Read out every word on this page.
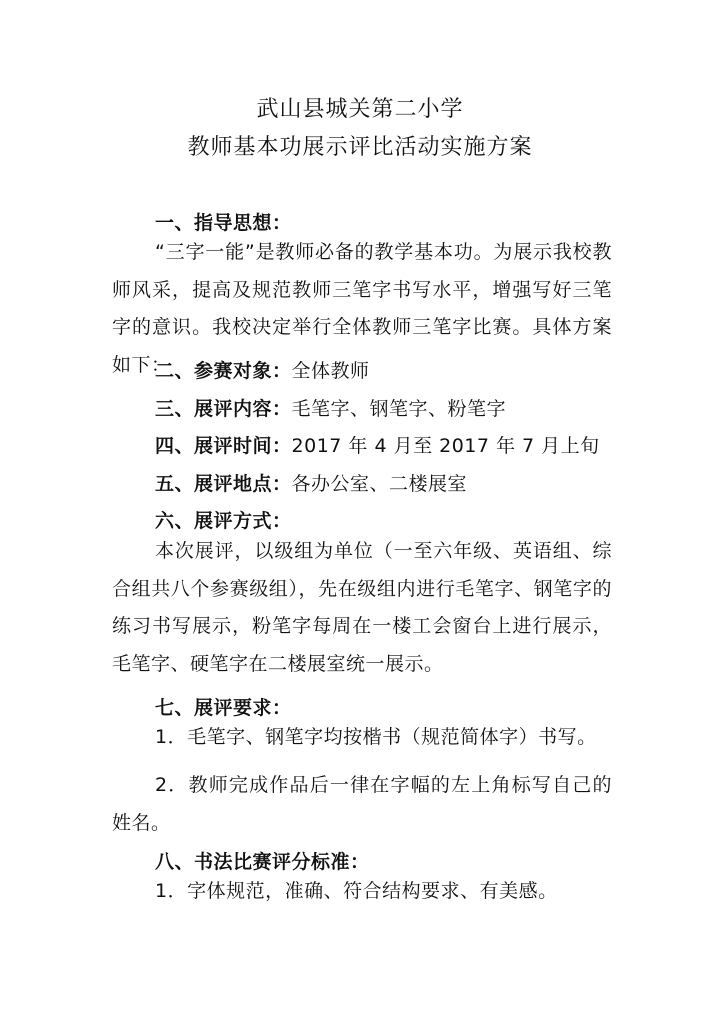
武山县城关第二小学
教师基本功展示评比活动实施方案
一、指导思想：
“三字一能”是教师必备的教学基本功。为展示我校教师风采，提高及规范教师三笔字书写水平，增强写好三笔字的意识。我校决定举行全体教师三笔字比赛。具体方案如下：
二、参赛对象：全体教师
三、展评内容：毛笔字、钢笔字、粉笔字
四、展评时间：2017 年 4 月至 2017 年 7 月上旬
五、展评地点：各办公室、二楼展室
六、展评方式：
本次展评，以级组为单位（一至六年级、英语组、综合组共八个参赛级组），先在级组内进行毛笔字、钢笔字的练习书写展示，粉笔字每周在一楼工会窗台上进行展示，毛笔字、硬笔字在二楼展室统一展示。
七、展评要求：
1．毛笔字、钢笔字均按楷书（规范简体字）书写。
2．教师完成作品后一律在字幅的左上角标写自己的姓名。
八、书法比赛评分标准：
1．字体规范，准确、符合结构要求、有美感。
